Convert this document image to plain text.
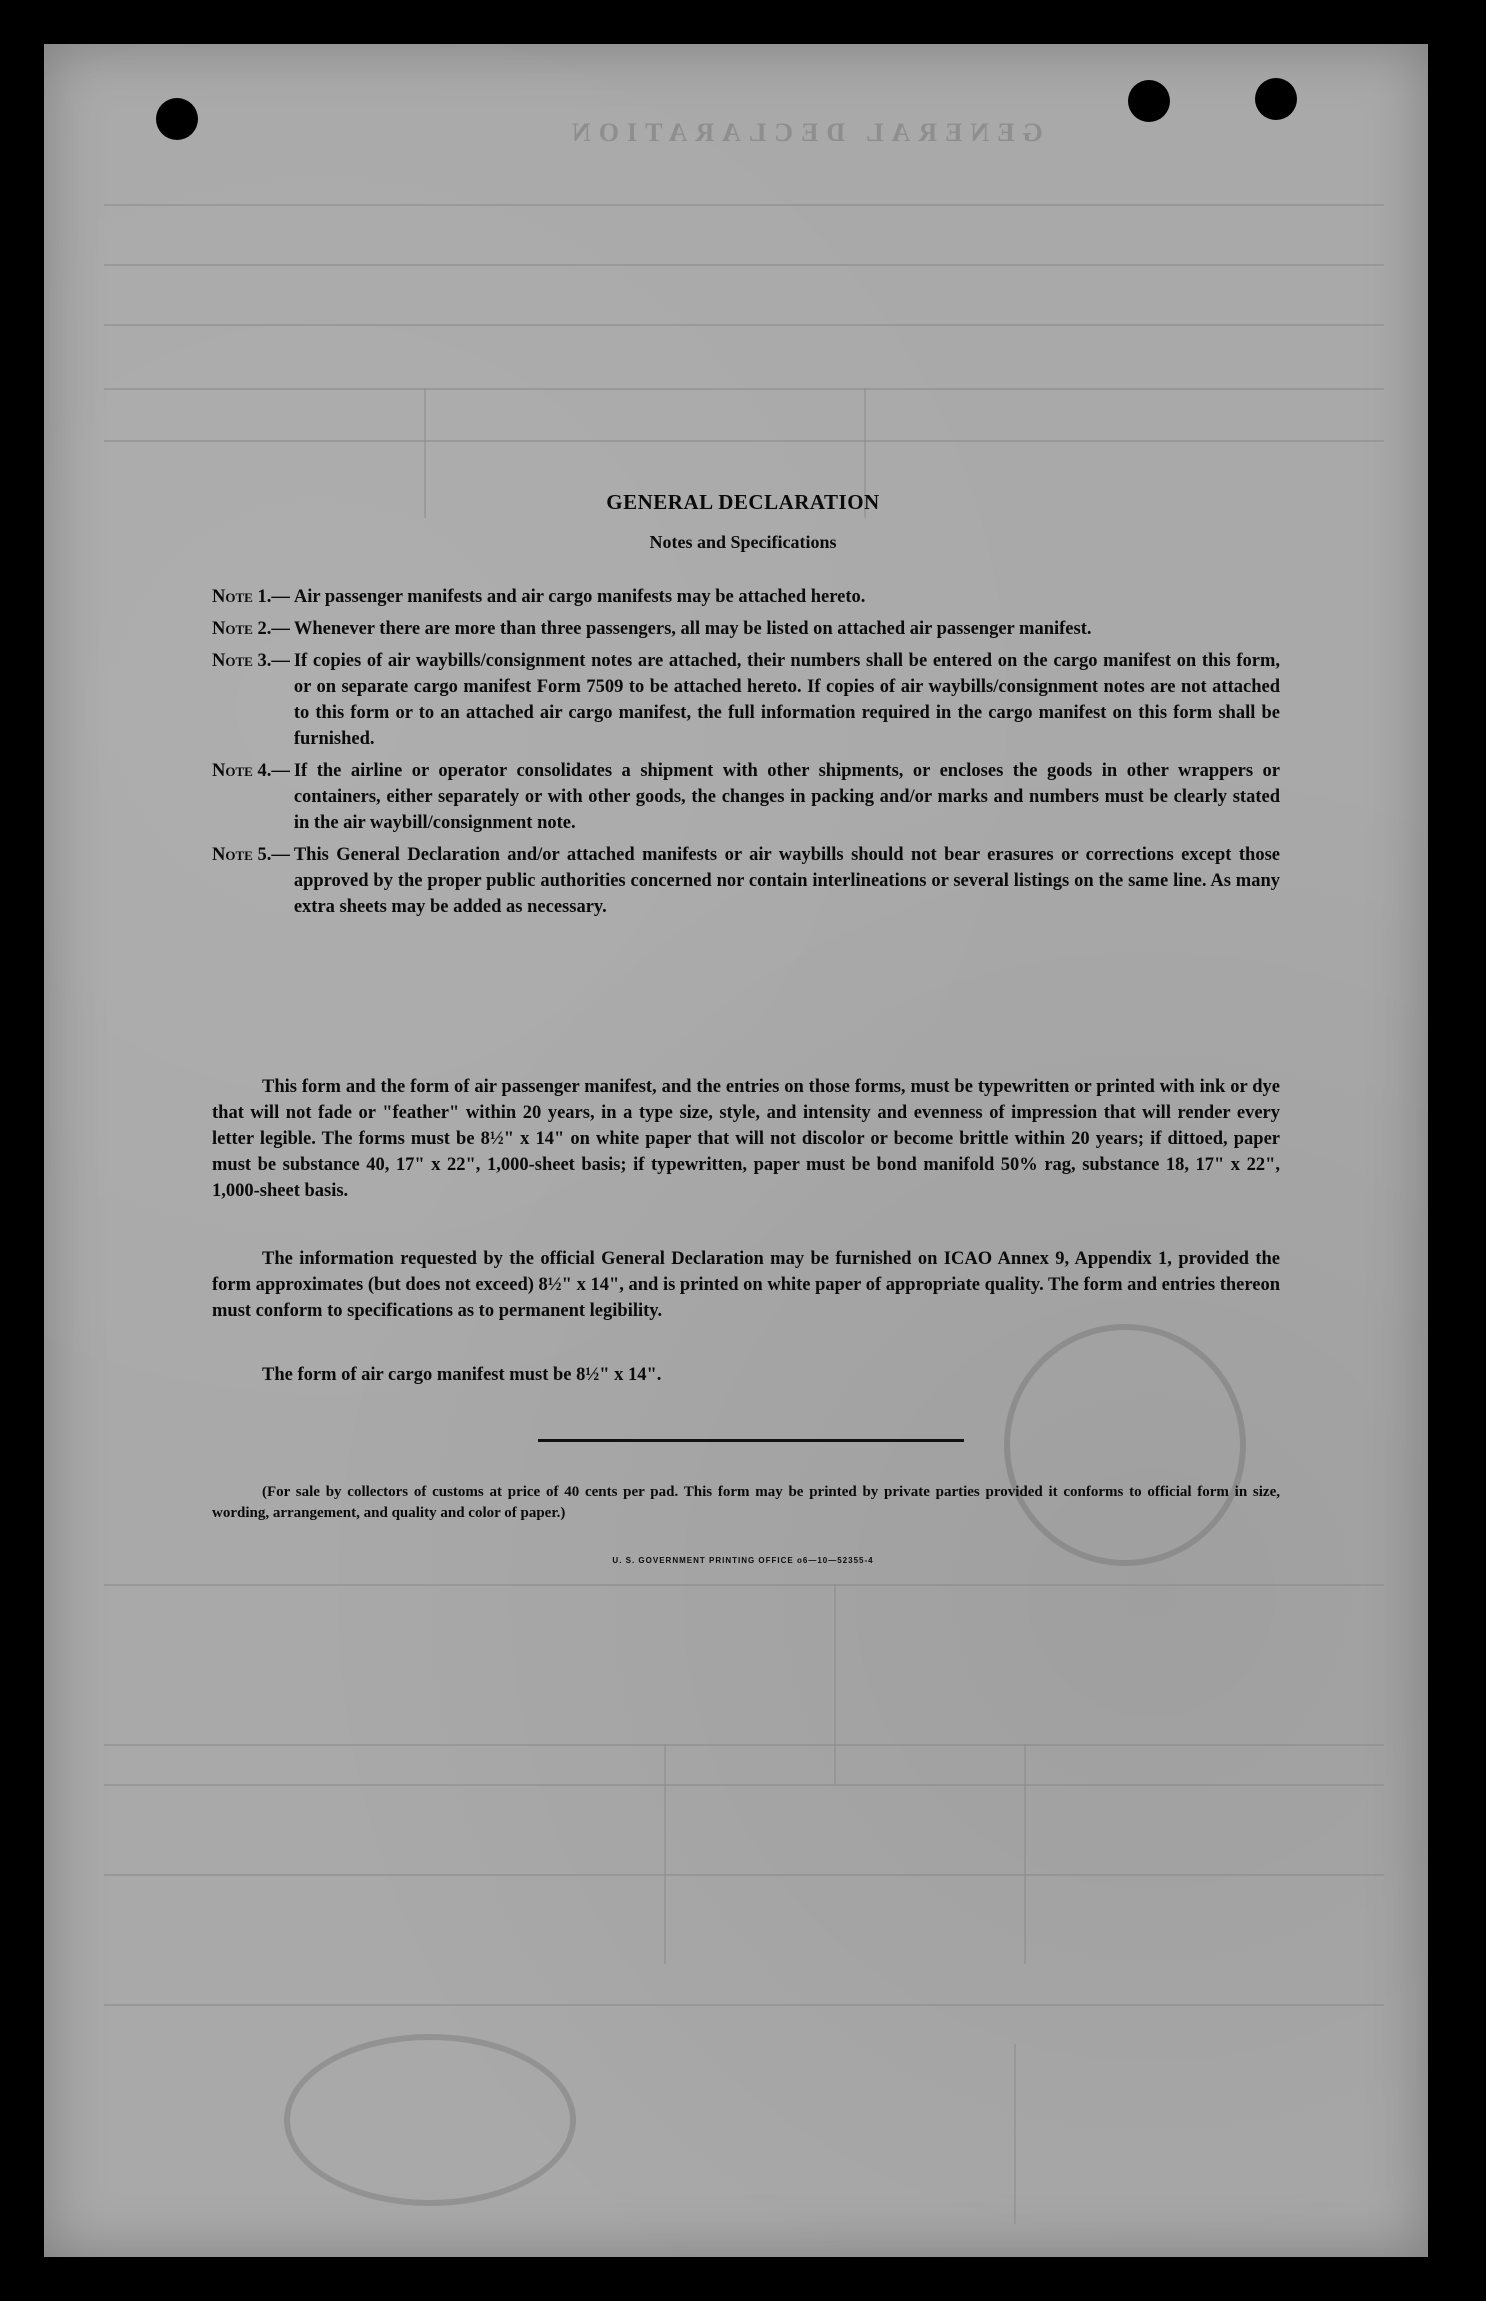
GENERAL DECLARATION
GENERAL DECLARATION
Notes and Specifications
Note 1.— Air passenger manifests and air cargo manifests may be attached hereto.
Note 2.— Whenever there are more than three passengers, all may be listed on attached air passenger manifest.
Note 3.— If copies of air waybills/consignment notes are attached, their numbers shall be entered on the cargo manifest on this form, or on separate cargo manifest Form 7509 to be attached hereto. If copies of air waybills/consignment notes are not attached to this form or to an attached air cargo manifest, the full information required in the cargo manifest on this form shall be furnished.
Note 4.— If the airline or operator consolidates a shipment with other shipments, or encloses the goods in other wrappers or containers, either separately or with other goods, the changes in packing and/or marks and numbers must be clearly stated in the air waybill/consignment note.
Note 5.— This General Declaration and/or attached manifests or air waybills should not bear erasures or corrections except those approved by the proper public authorities concerned nor contain interlineations or several listings on the same line. As many extra sheets may be added as necessary.
This form and the form of air passenger manifest, and the entries on those forms, must be typewritten or printed with ink or dye that will not fade or "feather" within 20 years, in a type size, style, and intensity and evenness of impression that will render every letter legible. The forms must be 8½" x 14" on white paper that will not discolor or become brittle within 20 years; if dittoed, paper must be substance 40, 17" x 22", 1,000-sheet basis; if typewritten, paper must be bond manifold 50% rag, substance 18, 17" x 22", 1,000-sheet basis.
The information requested by the official General Declaration may be furnished on ICAO Annex 9, Appendix 1, provided the form approximates (but does not exceed) 8½" x 14", and is printed on white paper of appropriate quality. The form and entries thereon must conform to specifications as to permanent legibility.
The form of air cargo manifest must be 8½" x 14".
(For sale by collectors of customs at price of 40 cents per pad. This form may be printed by private parties provided it conforms to official form in size, wording, arrangement, and quality and color of paper.)
U. S. GOVERNMENT PRINTING OFFICE o6—10—52355-4
